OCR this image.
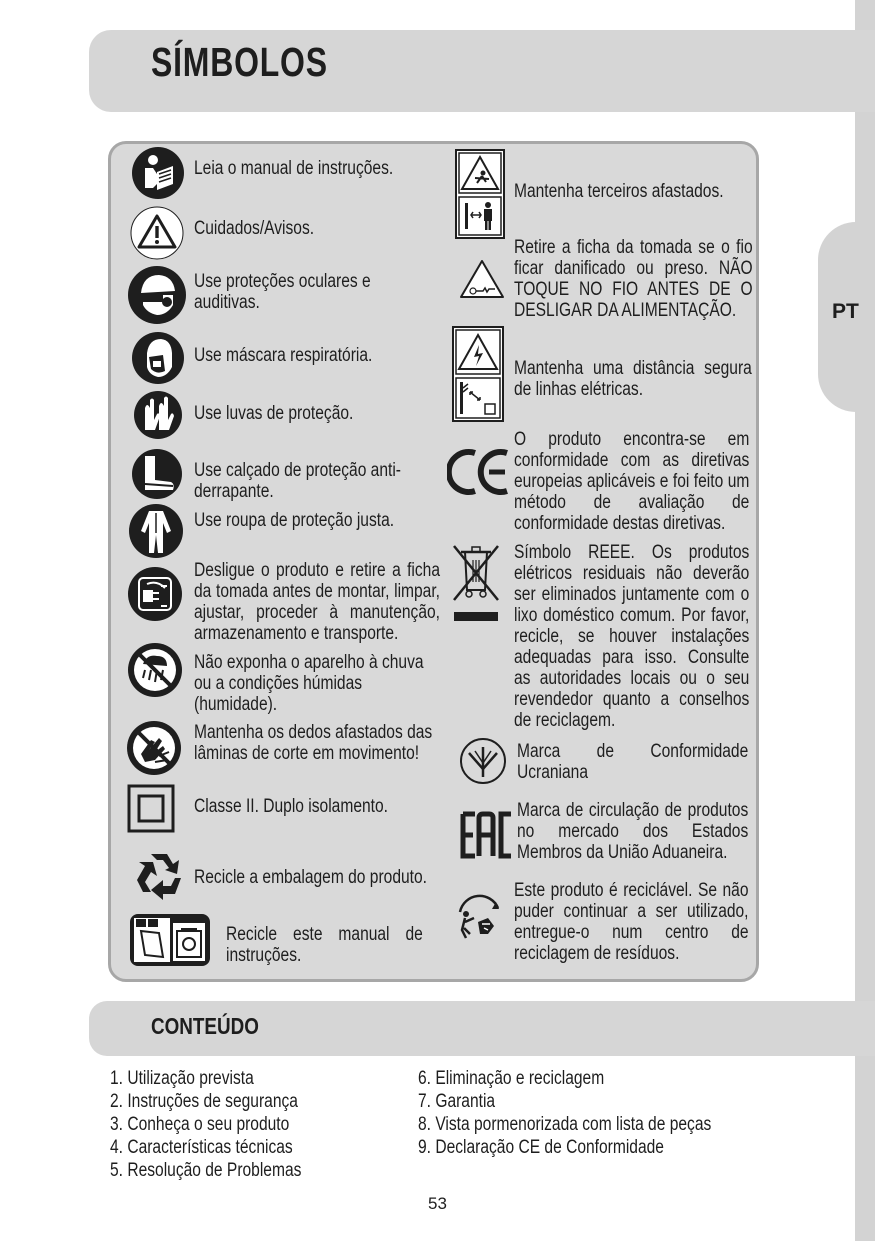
PT
SÍMBOLOS

Leia o manual de instruções.

Cuidados/Avisos.

Use proteções oculares e auditivas.

Use máscara respiratória.

Use luvas de proteção.

Use calçado de proteção anti-derrapante.

Use roupa de proteção justa.

Desligue o produto e retire a ficha da tomada antes de montar, limpar, ajustar, proceder à manutenção, armazenamento e transporte.

Não exponha o aparelho à chuva ou a condições húmidas (humidade).

Mantenha os dedos afastados das lâminas de corte em movimento!

Classe II. Duplo isolamento.

Recicle a embalagem do produto.

Recicle este manual de instruções.

Mantenha terceiros afastados.

Retire a ficha da tomada se o fio ficar danificado ou preso. NÃO TOQUE NO FIO ANTES DE O DESLIGAR DA ALIMENTAÇÃO.

Mantenha uma distância segura de linhas elétricas.

O produto encontra-se em conformidade com as diretivas europeias aplicáveis e foi feito um método de avaliação de conformidade destas diretivas.

Símbolo REEE. Os produtos elétricos residuais não deverão ser eliminados juntamente com o lixo doméstico comum. Por favor, recicle, se houver instalações adequadas para isso. Consulte as autoridades locais ou o seu revendedor quanto a conselhos de reciclagem.

Marca de Conformidade Ucraniana

Marca de circulação de produtos no mercado dos Estados Membros da União Aduaneira.

Este produto é reciclável. Se não puder continuar a ser utilizado, entregue-o num centro de reciclagem de resíduos.

CONTEÚDO
1. Utilização prevista
2. Instruções de segurança
3. Conheça o seu produto
4. Características técnicas
5. Resolução de Problemas
6. Eliminação e reciclagem
7. Garantia
8. Vista pormenorizada com lista de peças
9. Declaração CE de Conformidade
53
